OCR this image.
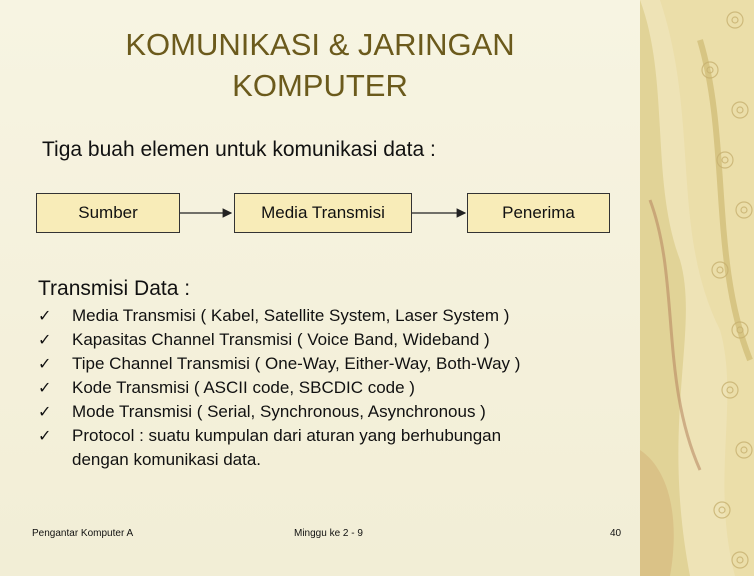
KOMUNIKASI & JARINGAN KOMPUTER
Tiga buah elemen untuk komunikasi data :
Sumber	Media Transmisi	Penerima
Transmisi Data :
✓	Media Transmisi ( Kabel, Satellite System, Laser System )
✓	Kapasitas Channel Transmisi ( Voice Band, Wideband )
✓	Tipe Channel Transmisi ( One-Way, Either-Way, Both-Way )
✓	Kode Transmisi ( ASCII code, SBCDIC code )
✓	Mode Transmisi ( Serial, Synchronous, Asynchronous )
✓	Protocol : suatu kumpulan dari aturan yang berhubungan
dengan komunikasi data.
Pengantar Komputer A	Minggu ke 2 - 9	40
